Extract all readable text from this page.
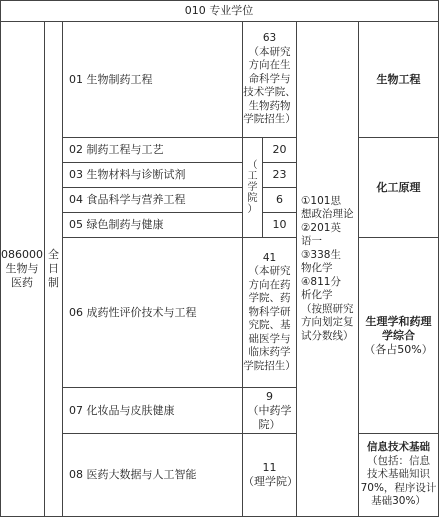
010 专业学位
086000
生物与
医药
全
日
制
01 生物制药工程
63
（本研究
方向在生
命科学与
技术学院、
生物药物
学院招生）
02 制药工程与工艺
03 生物材料与诊断试剂
04 食品科学与营养工程
05 绿色制药与健康
（
工
学
院
）
20
23
6
10
06 成药性评价技术与工程
41
（本研究
方向在药
学院、药
物科学研
究院、基
础医学与
临床药学
学院招生）
07 化妆品与皮肤健康
9
（中药学
院）
08 医药大数据与人工智能
11
（理学院）
①101思
想政治理论
②201英
语一
③338生
物化学
④811分
析化学
（按照研究
方向划定复
试分数线）
生物工程
化工原理
生理学和药理
学综合
（各占50%）
信息技术基础
（包括：信息
技术基础知识
70%，程序设计
基础30%）
